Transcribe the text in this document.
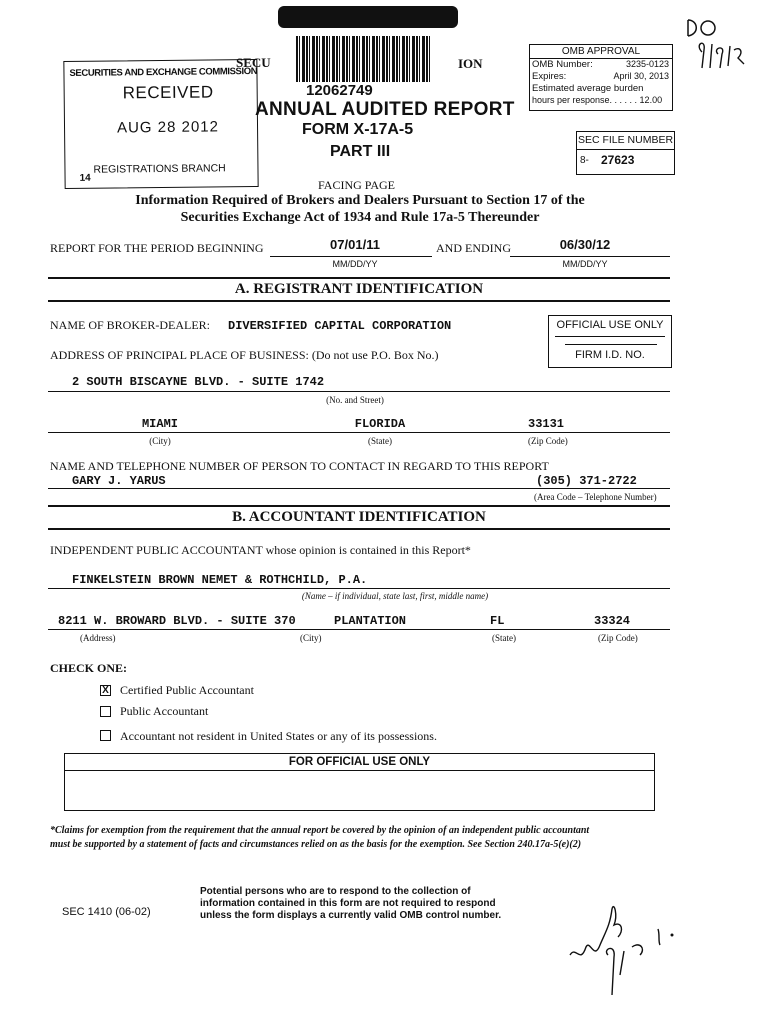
SECU	ION
SECURITIES AND EXCHANGE COMMISSION
RECEIVED
AUG 28 2012
REGISTRATIONS BRANCH
14
12062749
ANNUAL AUDITED REPORT
FORM X-17A-5
PART III
FACING PAGE
Information Required of Brokers and Dealers Pursuant to Section 17 of the
Securities Exchange Act of 1934 and Rule 17a-5 Thereunder
OMB APPROVAL
OMB Number:	3235-0123
Expires:	April 30, 2013
Estimated average burden
hours per response. . . . . . 12.00
SEC FILE NUMBER
8- 27623
REPORT FOR THE PERIOD BEGINNING	07/01/11
MM/DD/YY
AND ENDING	06/30/12
MM/DD/YY
A. REGISTRANT IDENTIFICATION
NAME OF BROKER-DEALER: DIVERSIFIED CAPITAL CORPORATION	OFFICIAL USE ONLY
FIRM I.D. NO.
ADDRESS OF PRINCIPAL PLACE OF BUSINESS: (Do not use P.O. Box No.)
2 SOUTH BISCAYNE BLVD. - SUITE 1742
(No. and Street)
MIAMI	FLORIDA	33131
(City)	(State)	(Zip Code)
NAME AND TELEPHONE NUMBER OF PERSON TO CONTACT IN REGARD TO THIS REPORT
GARY J. YARUS	(305) 371-2722
(Area Code – Telephone Number)
B. ACCOUNTANT IDENTIFICATION
INDEPENDENT PUBLIC ACCOUNTANT whose opinion is contained in this Report*
FINKELSTEIN BROWN NEMET & ROTHCHILD, P.A.
(Name – if individual, state last, first, middle name)
8211 W. BROWARD BLVD. - SUITE 370	PLANTATION	FL	33324
(Address)	(City)	(State)	(Zip Code)
CHECK ONE:
X Certified Public Accountant
Public Accountant
Accountant not resident in United States or any of its possessions.
FOR OFFICIAL USE ONLY
*Claims for exemption from the requirement that the annual report be covered by the opinion of an independent public accountant
must be supported by a statement of facts and circumstances relied on as the basis for the exemption. See Section 240.17a-5(e)(2)
SEC 1410 (06-02)
Potential persons who are to respond to the collection of
information contained in this form are not required to respond
unless the form displays a currently valid OMB control number.
